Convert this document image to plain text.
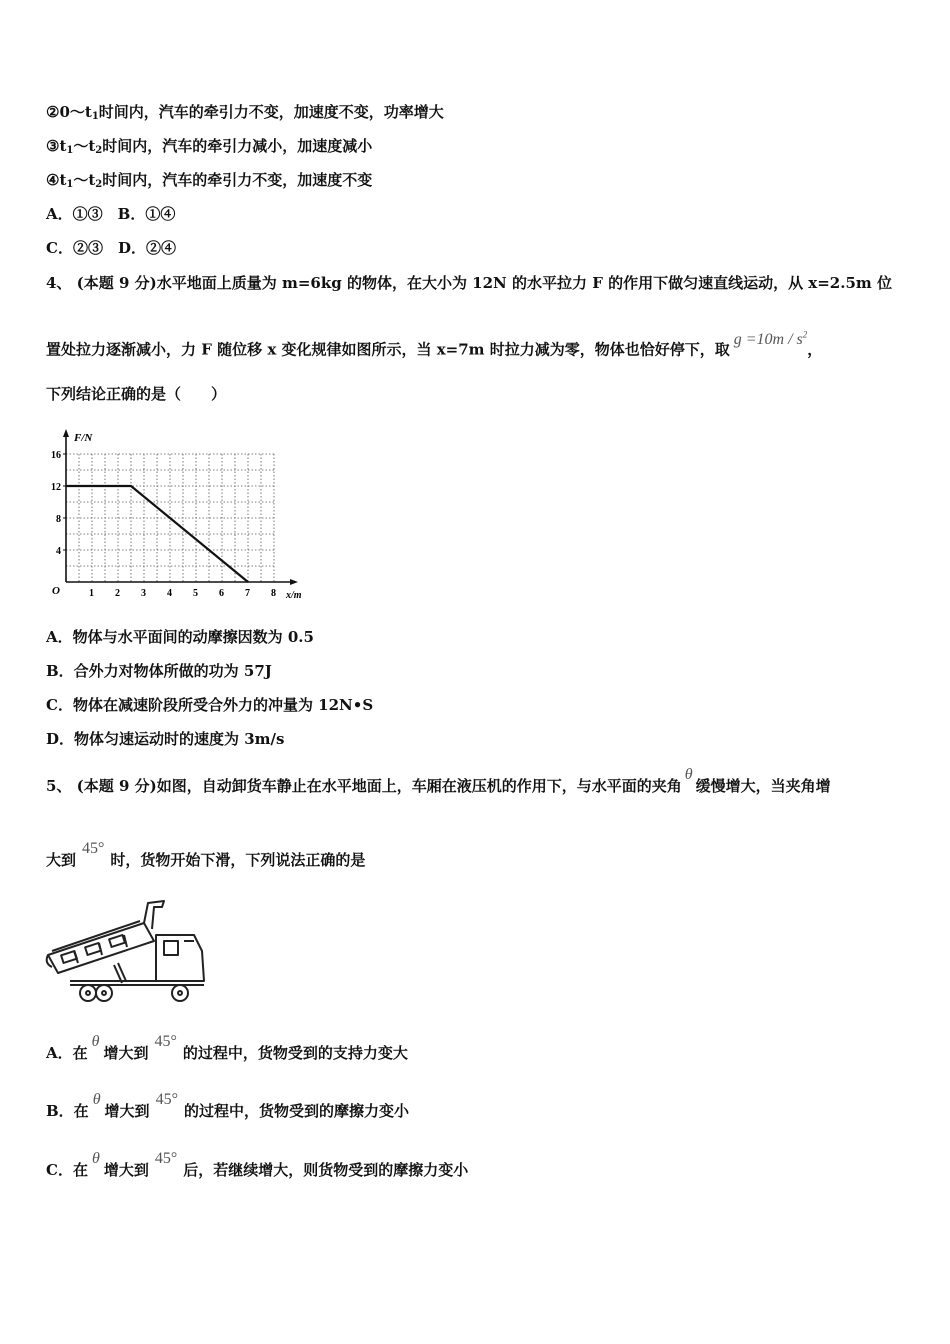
$②0\sim t_1$时间内，汽车的牵引力不变，加速度不变，功率增大
$③t_1\sim t_2$时间内，汽车的牵引力减小，加速度减小
$④t_1\sim t_2$时间内，汽车的牵引力不变，加速度不变
A．①③　B．①④
C．②③　D．②④
4、 (本题 9 分)水平地面上质量为 m=6kg 的物体，在大小为 12N 的水平拉力 F 的作用下做匀速直线运动，从 x=2.5m 位
置处拉力逐渐减小，力 F 随位移 x 变化规律如图所示，当 x=7m 时拉力减为零，物体也恰好停下，取$g =10m / s^2$，
下列结论正确的是（　　）
F/N
x/m
O	1 2 3 4 5 6 7 8
4
8
12
16
A．物体与水平面间的动摩擦因数为 0.5
B．合外力对物体所做的功为 57J
C．物体在减速阶段所受合外力的冲量为 12N•S
D．物体匀速运动时的速度为 3m/s
5、 (本题 9 分)如图，自动卸货车静止在水平地面上，车厢在液压机的作用下，与水平面的夹角θ缓慢增大，当夹角增
大到45°时，货物开始下滑，下列说法正确的是
A．在θ增大到45°的过程中，货物受到的支持力变大
B．在θ增大到45°的过程中，货物受到的摩擦力变小
C．在θ增大到45°后，若继续增大，则货物受到的摩擦力变小
